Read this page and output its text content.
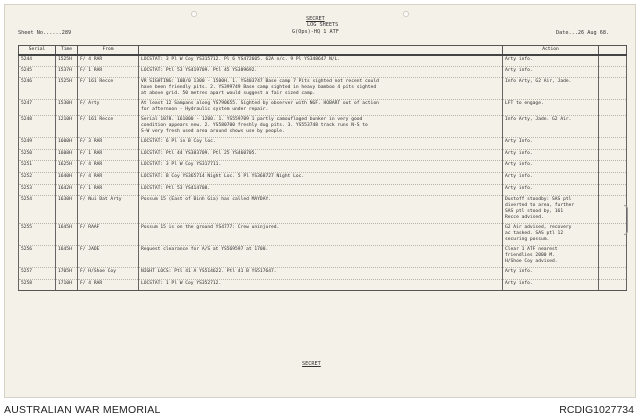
SECRET
LOG SHEETS
G(Ops)-HQ 1 ATF
Sheet No......289	Date...26 Aug 68.
Serial	Time	From		Action	
5244	1525H	F/ 4 RAR	LOCSTAT: 3 Pl W Coy YS315712. Pl 6 YS472605. 62A n/c. 9 Pl YS348647 N/L.	Arty info.	
5245	1537H	F/ 1 RAR	LOCSTAT: Ptl 53 YS419709. Ptl 45 YS389692.	Arty info.	
5246	1525H	F/ 161 Recce	VR SIGHTING: 10B/0 1300 - 1500H. 1. YS403747 Base camp 7 Pits sighted not recent could
have been friendly pits. 2. YS399749 Base camp sighted in heavy bamboo 4 pits sighted
at above grid. 50 metres apart would suggest a fair sized camp.	Info Arty, G2 Air, Jade.	
5247	1530H	F/ Arty	At least 12 Sampans along YS790655. Sighted by observer with NGF. HOBART out of action
for afternoon - Hydraulic system under repair.	LFT to engage.	
5248	1210H	F/ 161 Recce	Serial 1078. 161000 - 1200. 1. YS559709 1 partly camouflaged bunker in very good
condition appears new. 2. YS580700 freshly dug pits. 3. YS553748 track runs N-S to
S-W very fresh used area around shows use by people.	Info Arty, Jade. G2 Air.	
5249	1600H	F/ 3 RAR	LOCSTAT: 6 Pl in B Coy loc.	Arty Info.	
5250	1608H	F/ 1 RAR	LOCSTAT: Ptl 44 YS383709. Ptl 25 YS460705.	Arty info.	
5251	1625H	F/ 4 RAR	LOCSTAT: 3 Pl W Coy YS317711.	Arty info.	
5252	1640H	F/ 4 RAR	LOCSTAT: B Coy YS365714 Night Loc. 5 Pl YS368727 Night Loc.	Arty info.	
5253	1642H	F/ 1 RAR	LOCSTAT: Ptl 53 YS414708.	Arty info.	
5254	1630H	F/ Nui Dat Arty	Possum 15 (East of Binh Gia) has called MAYDAY.	Dustoff stoodby: SAS ptl
diverted to area, further
SAS ptl stood by, 161
Recce advised.	
5255	1645H	F/ RAAF	Possum 15 is on the ground YS4777: Crew uninjured.	G2 Air advised, recovery
ac tasked. SAS ptl 12
securing possum.	
5256	1645H	F/ JADE	Request clearance for A/S at YS569597 at 1700.	Clear 1 ATF nearest
friendlies 2000 M.
H/Shoe Coy advised.	
5257	1705H	F/ H/Shoe Coy	NIGHT LOCS: Ptl 41 A YS514622. Ptl 41 B YS517647.	Arty info.	
5258	1710H	F/ 4 RAR	LOCSTAT: 1 Pl W Coy YS352712.	Arty info.	
SECRET
AUSTRALIAN WAR MEMORIAL	RCDIG1027734
